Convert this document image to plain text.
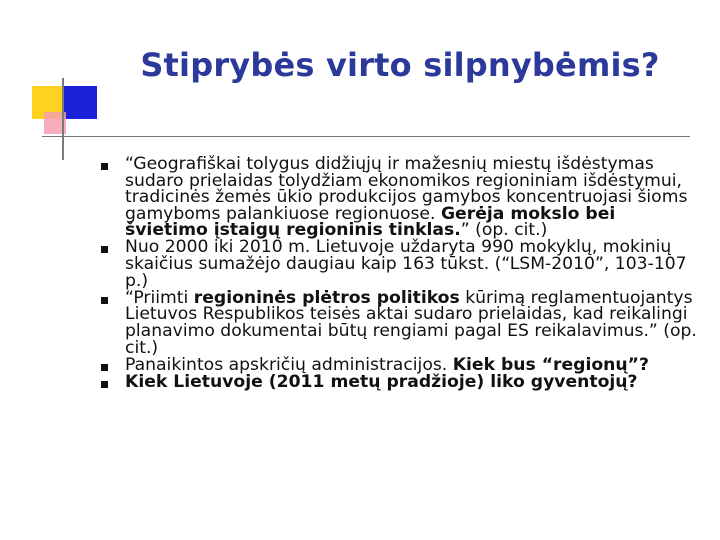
Stiprybės virto silpnybėmis?
“Geografiškai tolygus didžiųjų ir mažesnių miestų išdėstymas sudaro prielaidas tolydžiam ekonomikos regioniniam išdėstymui, tradicinės žemės ūkio produkcijos gamybos koncentruojasi šioms gamyboms palankiuose regionuose. Gerėja mokslo bei švietimo įstaigų regioninis tinklas.” (op. cit.)
Nuo 2000 iki 2010 m. Lietuvoje uždaryta 990 mokyklų, mokinių skaičius sumažėjo daugiau kaip 163 tūkst. (“LSM-2010”, 103-107 p.)
“Priimti regioninės plėtros politikos kūrimą reglamentuojantys Lietuvos Respublikos teisės aktai sudaro prielaidas, kad reikalingi planavimo dokumentai būtų rengiami pagal ES reikalavimus.” (op. cit.)
Panaikintos apskričių administracijos. Kiek bus “regionų”?
Kiek Lietuvoje (2011 metų pradžioje) liko gyventojų?
